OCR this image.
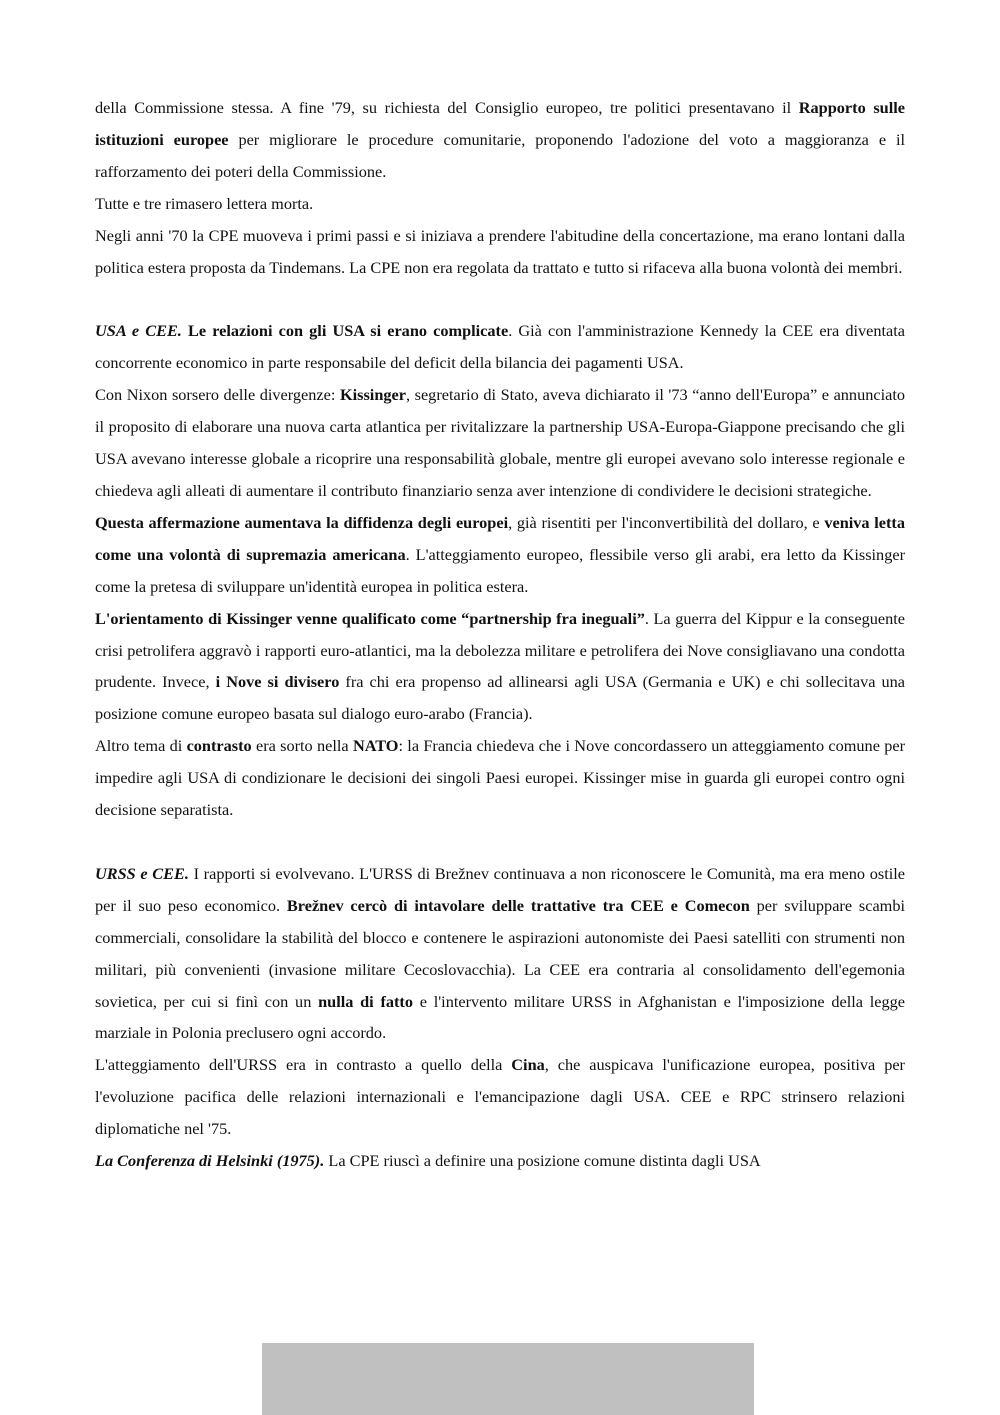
della Commissione stessa. A fine '79, su richiesta del Consiglio europeo, tre politici presentavano il Rapporto sulle istituzioni europee per migliorare le procedure comunitarie, proponendo l'adozione del voto a maggioranza e il rafforzamento dei poteri della Commissione.

Tutte e tre rimasero lettera morta.

Negli anni '70 la CPE muoveva i primi passi e si iniziava a prendere l'abitudine della concertazione, ma erano lontani dalla politica estera proposta da Tindemans. La CPE non era regolata da trattato e tutto si rifaceva alla buona volontà dei membri.

USA e CEE. Le relazioni con gli USA si erano complicate. Già con l'amministrazione Kennedy la CEE era diventata concorrente economico in parte responsabile del deficit della bilancia dei pagamenti USA.

Con Nixon sorsero delle divergenze: Kissinger, segretario di Stato, aveva dichiarato il '73 “anno dell'Europa” e annunciato il proposito di elaborare una nuova carta atlantica per rivitalizzare la partnership USA-Europa-Giappone precisando che gli USA avevano interesse globale a ricoprire una responsabilità globale, mentre gli europei avevano solo interesse regionale e chiedeva agli alleati di aumentare il contributo finanziario senza aver intenzione di condividere le decisioni strategiche.

Questa affermazione aumentava la diffidenza degli europei, già risentiti per l'inconvertibilità del dollaro, e veniva letta come una volontà di supremazia americana. L'atteggiamento europeo, flessibile verso gli arabi, era letto da Kissinger come la pretesa di sviluppare un'identità europea in politica estera.

L'orientamento di Kissinger venne qualificato come “partnership fra ineguali”. La guerra del Kippur e la conseguente crisi petrolifera aggravò i rapporti euro-atlantici, ma la debolezza militare e petrolifera dei Nove consigliavano una condotta prudente. Invece, i Nove si divisero fra chi era propenso ad allinearsi agli USA (Germania e UK) e chi sollecitava una posizione comune europeo basata sul dialogo euro-arabo (Francia).

Altro tema di contrasto era sorto nella NATO: la Francia chiedeva che i Nove concordassero un atteggiamento comune per impedire agli USA di condizionare le decisioni dei singoli Paesi europei. Kissinger mise in guarda gli europei contro ogni decisione separatista.

URSS e CEE. I rapporti si evolvevano. L'URSS di Brežnev continuava a non riconoscere le Comunità, ma era meno ostile per il suo peso economico. Brežnev cercò di intavolare delle trattative tra CEE e Comecon per sviluppare scambi commerciali, consolidare la stabilità del blocco e contenere le aspirazioni autonomiste dei Paesi satelliti con strumenti non militari, più convenienti (invasione militare Cecoslovacchia). La CEE era contraria al consolidamento dell'egemonia sovietica, per cui si finì con un nulla di fatto e l'intervento militare URSS in Afghanistan e l'imposizione della legge marziale in Polonia preclusero ogni accordo.

L'atteggiamento dell'URSS era in contrasto a quello della Cina, che auspicava l'unificazione europea, positiva per l'evoluzione pacifica delle relazioni internazionali e l'emancipazione dagli USA. CEE e RPC strinsero relazioni diplomatiche nel '75.

La Conferenza di Helsinki (1975). La CPE riuscì a definire una posizione comune distinta dagli USA
